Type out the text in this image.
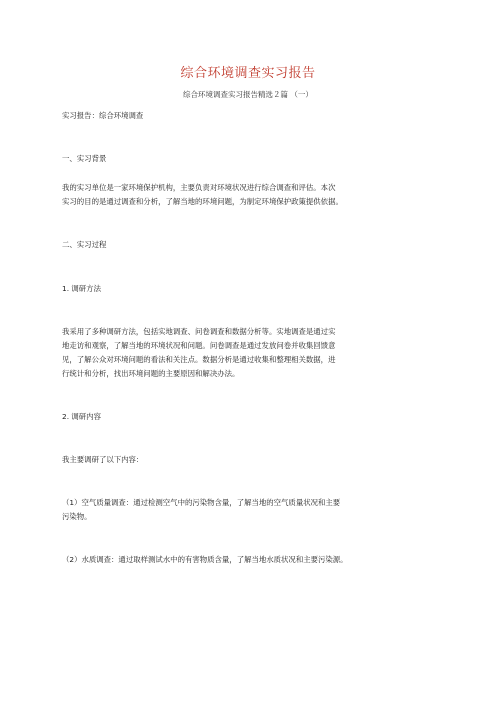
综合环境调查实习报告
综合环境调查实习报告精选２篇 （一）
实习报告：综合环境调查
一、实习背景
我的实习单位是一家环境保护机构，主要负责对环境状况进行综合调查和评估。本次
实习的目的是通过调查和分析，了解当地的环境问题，为制定环境保护政策提供依据。
二、实习过程
1. 调研方法
我采用了多种调研方法，包括实地调查、问卷调查和数据分析等。实地调查是通过实
地走访和观察，了解当地的环境状况和问题。问卷调查是通过发放问卷并收集回馈意
见，了解公众对环境问题的看法和关注点。数据分析是通过收集和整理相关数据，进
行统计和分析，找出环境问题的主要原因和解决办法。
2. 调研内容
我主要调研了以下内容：
（1）空气质量调查：通过检测空气中的污染物含量，了解当地的空气质量状况和主要
污染物。
（2）水质调查：通过取样测试水中的有害物质含量，了解当地水质状况和主要污染源。
